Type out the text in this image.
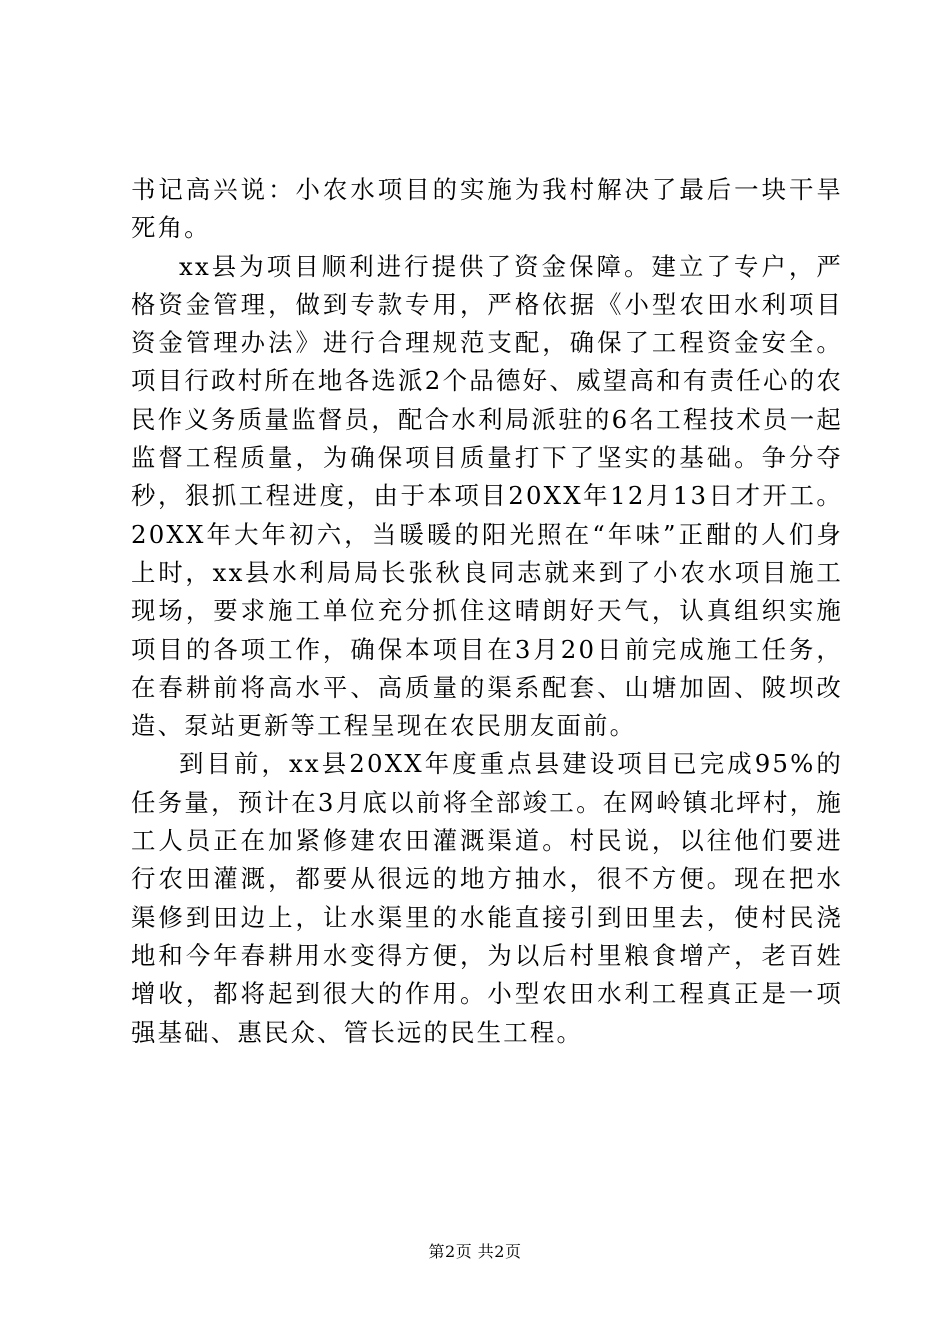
书记高兴说：小农水项目的实施为我村解决了最后一块干旱死角。

xx县为项目顺利进行提供了资金保障。建立了专户，严格资金管理，做到专款专用，严格依据《小型农田水利项目资金管理办法》进行合理规范支配，确保了工程资金安全。项目行政村所在地各选派2个品德好、威望高和有责任心的农民作义务质量监督员，配合水利局派驻的6名工程技术员一起监督工程质量，为确保项目质量打下了坚实的基础。争分夺秒，狠抓工程进度，由于本项目20XX年12月13日才开工。20XX年大年初六，当暖暖的阳光照在“年味”正酣的人们身上时，xx县水利局局长张秋良同志就来到了小农水项目施工现场，要求施工单位充分抓住这晴朗好天气，认真组织实施项目的各项工作，确保本项目在3月20日前完成施工任务，在春耕前将高水平、高质量的渠系配套、山塘加固、陂坝改造、泵站更新等工程呈现在农民朋友面前。

到目前，xx县20XX年度重点县建设项目已完成95%的任务量，预计在3月底以前将全部竣工。在网岭镇北坪村，施工人员正在加紧修建农田灌溉渠道。村民说，以往他们要进行农田灌溉，都要从很远的地方抽水，很不方便。现在把水渠修到田边上，让水渠里的水能直接引到田里去，使村民浇地和今年春耕用水变得方便，为以后村里粮食增产，老百姓增收，都将起到很大的作用。小型农田水利工程真正是一项强基础、惠民众、管长远的民生工程。

第2页 共2页
